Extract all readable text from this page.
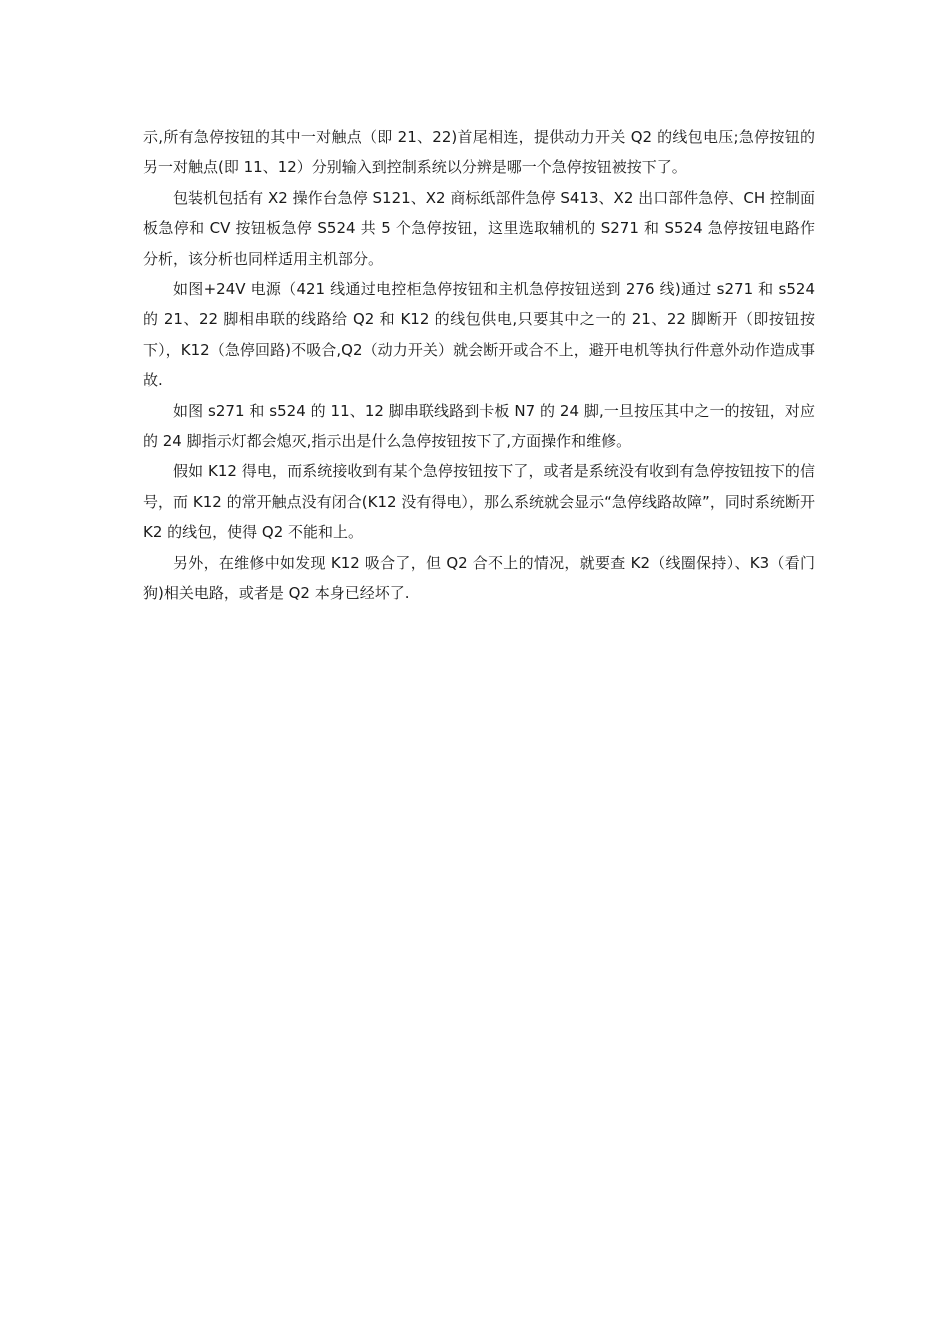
示,所有急停按钮的其中一对触点（即 21、22)首尾相连，提供动力开关 Q2 的线包电压;急停按钮的另一对触点(即 11、12）分别输入到控制系统以分辨是哪一个急停按钮被按下了。

包装机包括有 X2 操作台急停 S121、X2 商标纸部件急停 S413、X2 出口部件急停、CH 控制面板急停和 CV 按钮板急停 S524 共 5 个急停按钮，这里选取辅机的 S271 和 S524 急停按钮电路作分析，该分析也同样适用主机部分。

如图+24V 电源（421 线通过电控柜急停按钮和主机急停按钮送到 276 线)通过 s271 和 s524 的 21、22 脚相串联的线路给 Q2 和 K12 的线包供电,只要其中之一的 21、22 脚断开（即按钮按下），K12（急停回路)不吸合,Q2（动力开关）就会断开或合不上，避开电机等执行件意外动作造成事故.

如图 s271 和 s524 的 11、12 脚串联线路到卡板 N7 的 24 脚,一旦按压其中之一的按钮，对应的 24 脚指示灯都会熄灭,指示出是什么急停按钮按下了,方面操作和维修。

假如 K12 得电，而系统接收到有某个急停按钮按下了，或者是系统没有收到有急停按钮按下的信号，而 K12 的常开触点没有闭合(K12 没有得电），那么系统就会显示“急停线路故障”，同时系统断开 K2 的线包，使得 Q2 不能和上。

另外，在维修中如发现 K12 吸合了，但 Q2 合不上的情况，就要查 K2（线圈保持）、K3（看门狗)相关电路，或者是 Q2 本身已经坏了.
